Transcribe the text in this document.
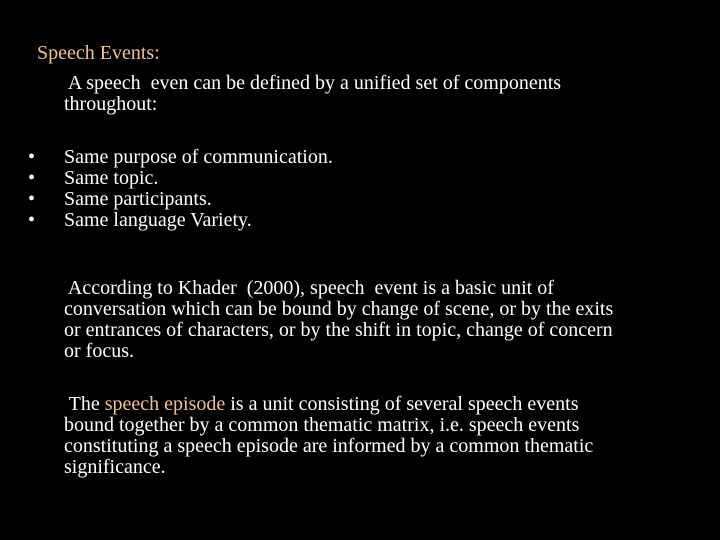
Speech Events:
A speech  even can be defined by a unified set of components
throughout:
• Same purpose of communication.
• Same topic.
• Same participants.
• Same language Variety.
According to Khader  (2000), speech  event is a basic unit of
conversation which can be bound by change of scene, or by the exits
or entrances of characters, or by the shift in topic, change of concern
or focus.
The speech episode is a unit consisting of several speech events
bound together by a common thematic matrix, i.e. speech events
constituting a speech episode are informed by a common thematic
significance.
